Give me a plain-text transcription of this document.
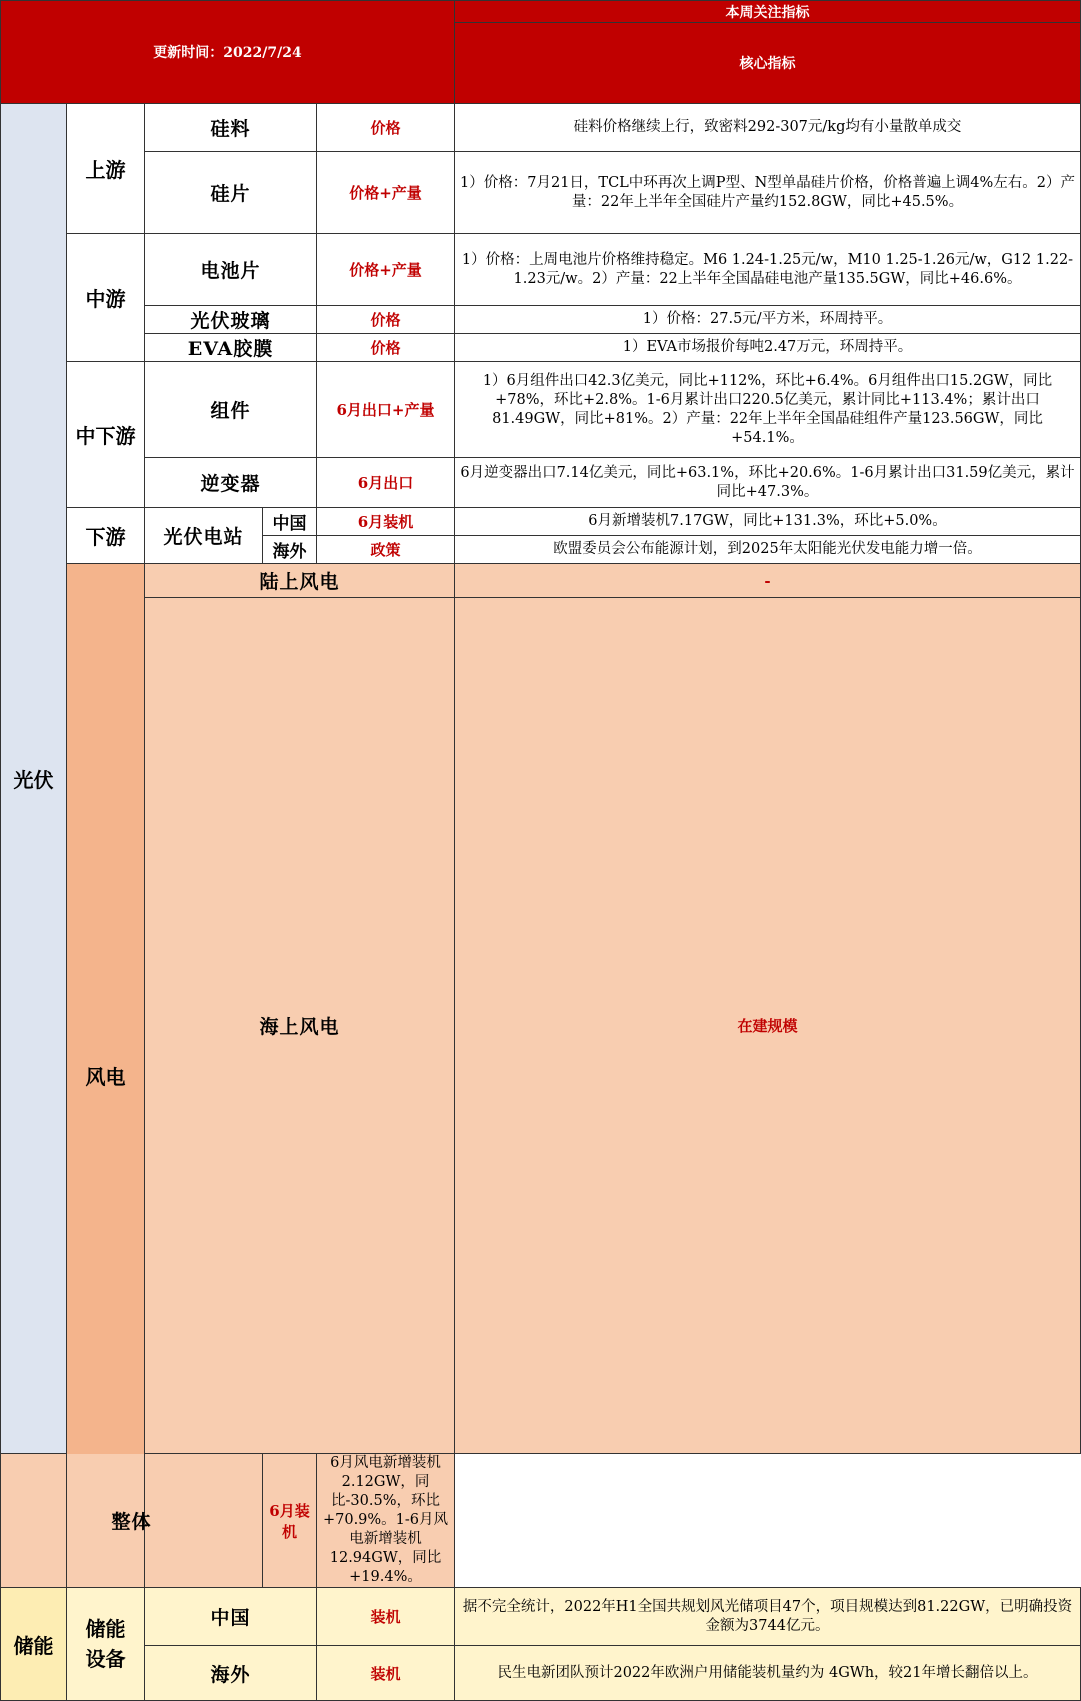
更新时间：2022/7/24					本周关注指标	
					核心指标	
光伏	上游	硅料		价格	硅料价格继续上行，致密料292-307元/kg均有小量散单成交	
		硅片		价格+产量	1）价格：7月21日，TCL中环再次上调P型、N型单晶硅片价格，价格普遍上调4%左右。2）产量：22年上半年全国硅片产量约152.8GW，同比+45.5%。	
	中游	电池片		价格+产量	1）价格：上周电池片价格维持稳定。M6 1.24-1.25元/w，M10 1.25-1.26元/w，G12 1.22-1.23元/w。2）产量：22上半年全国晶硅电池产量135.5GW，同比+46.6%。	
		光伏玻璃		价格	1）价格：27.5元/平方米，环周持平。	
		EVA胶膜		价格	1）EVA市场报价每吨2.47万元，环周持平。	
	中下游	组件		6月出口+产量	1）6月组件出口42.3亿美元，同比+112%，环比+6.4%。6月组件出口15.2GW，同比+78%，环比+2.8%。1-6月累计出口220.5亿美元，累计同比+113.4%；累计出口81.49GW，同比+81%。2）产量：22年上半年全国晶硅组件产量123.56GW，同比+54.1%。	
		逆变器		6月出口	6月逆变器出口7.14亿美元，同比+63.1%，环比+20.6%。1-6月累计出口31.59亿美元，累计同比+47.3%。	
	下游	光伏电站	中国	6月装机	6月新增装机7.17GW，同比+131.3%，环比+5.0%。	
			海外	政策	欧盟委员会公布能源计划，到2025年太阳能光伏发电能力增一倍。	
	风电	陆上风电			-	
		海上风电			在建规模	
整体			6月装机	6月风电新增装机2.12GW，同比-30.5%，环比+70.9%。1-6月风电新增装机12.94GW，同比+19.4%。		
储能	储能设备	中国		装机	据不完全统计，2022年H1全国共规划风光储项目47个，项目规模达到81.22GW，已明确投资金额为3744亿元。	
		海外		装机	民生电新团队预计2022年欧洲户用储能装机量约为 4GWh，较21年增长翻倍以上。	
